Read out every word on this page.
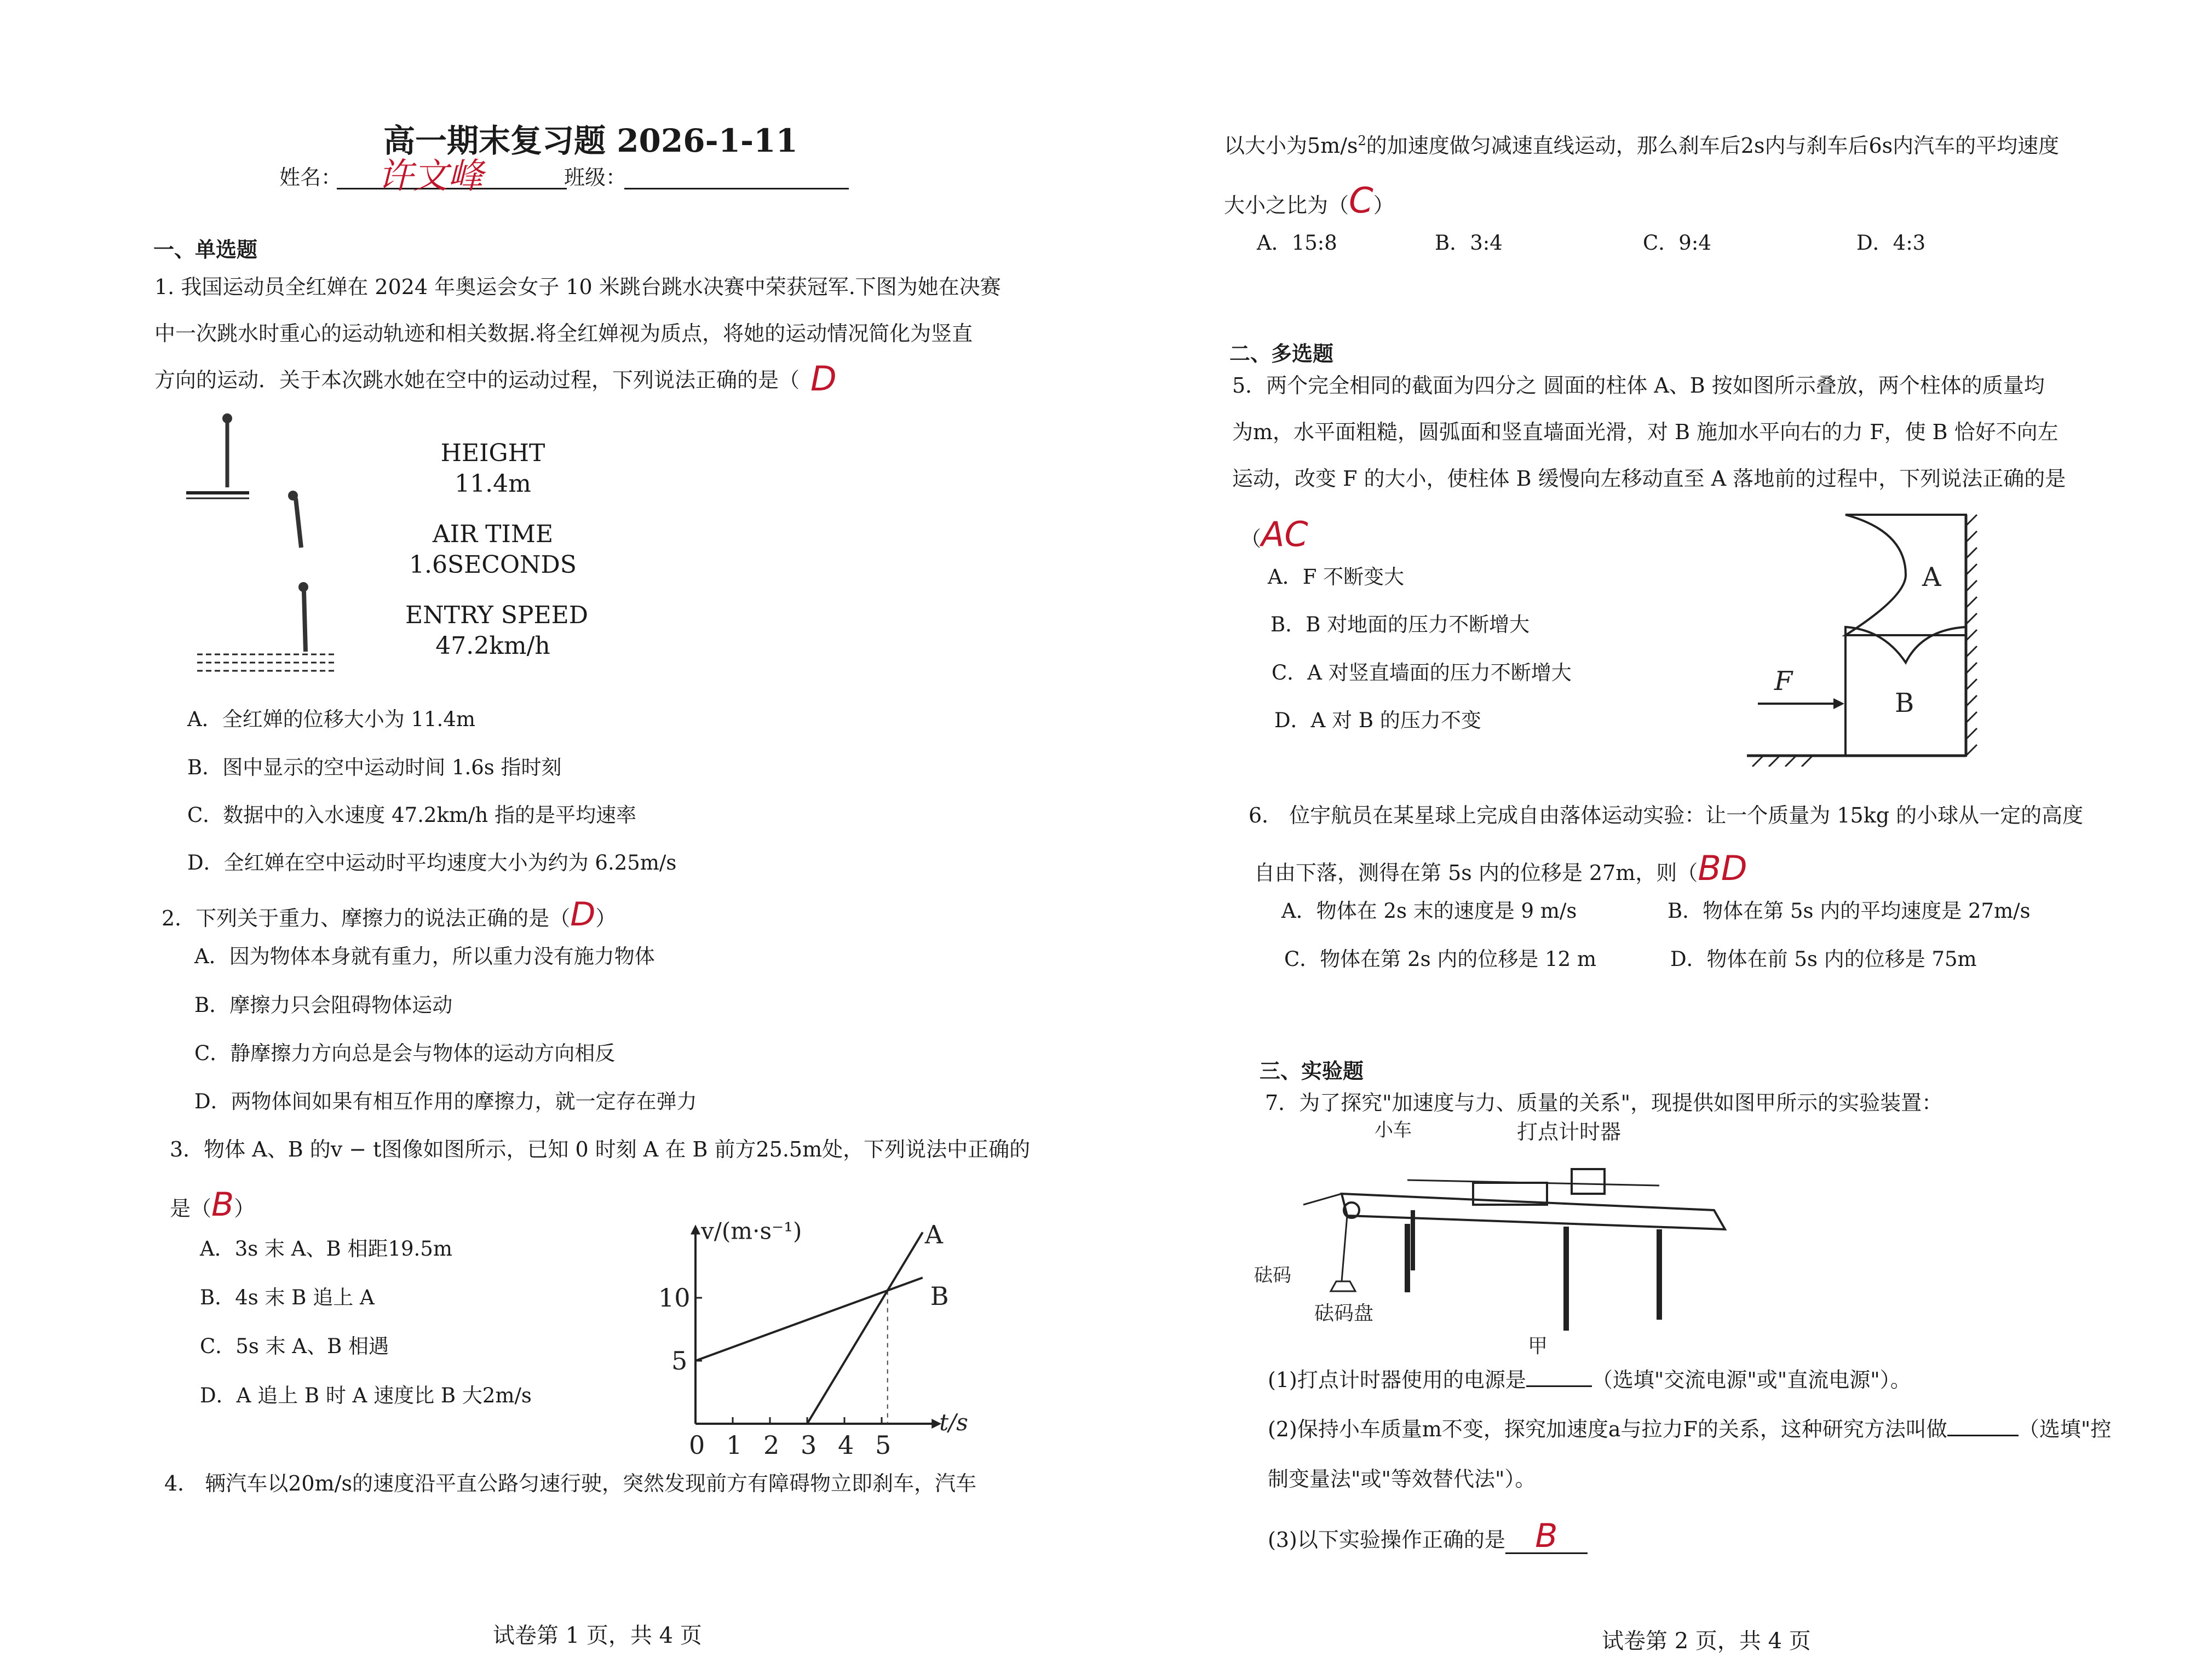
高一期末复习题 2026-1-11
姓名： 许文峰	班级：
一、单选题
1. 我国运动员全红婵在 2024 年奥运会女子 10 米跳台跳水决赛中荣获冠军.下图为她在决赛
中一次跳水时重心的运动轨迹和相关数据.将全红婵视为质点，将她的运动情况简化为竖直
方向的运动．关于本次跳水她在空中的运动过程，下列说法正确的是（ D
HEIGHT
11.4m
AIR TIME
1.6SECONDS
ENTRY SPEED
47.2km/h
A．全红婵的位移大小为 11.4m
B．图中显示的空中运动时间 1.6s 指时刻
C．数据中的入水速度 47.2km/h 指的是平均速率
D．全红婵在空中运动时平均速度大小为约为 6.25m/s
2．下列关于重力、摩擦力的说法正确的是（D）
A．因为物体本身就有重力，所以重力没有施力物体
B．摩擦力只会阻碍物体运动
C．静摩擦力方向总是会与物体的运动方向相反
D．两物体间如果有相互作用的摩擦力，就一定存在弹力
3．物体 A、B 的v − t图像如图所示，已知 0 时刻 A 在 B 前方25.5m处，下列说法中正确的
是（B）
A．3s 末 A、B 相距19.5m
B．4s 末 B 追上 A
C．5s 末 A、B 相遇
D．A 追上 B 时 A 速度比 B 大2m/s
t/s
v/(m·s⁻¹)
0 1 2 3 4 5
5
10
A
B
4． 辆汽车以20m/s的速度沿平直公路匀速行驶，突然发现前方有障碍物立即刹车，汽车
试卷第 1 页，共 4 页
以大小为$5m/s^2$的加速度做匀减速直线运动，那么刹车后2s内与刹车后6s内汽车的平均速度
大小之比为（C）
A．15:8	B．3:4	C．9:4	D．4:3
二、多选题
5．两个完全相同的截面为四分之 圆面的柱体 A、B 按如图所示叠放，两个柱体的质量均
为m，水平面粗糙，圆弧面和竖直墙面光滑，对 B 施加水平向右的力 F，使 B 恰好不向左
运动，改变 F 的大小，使柱体 B 缓慢向左移动直至 A 落地前的过程中，下列说法正确的是
（AC
A．F 不断变大
B．B 对地面的压力不断增大
C．A 对竖直墙面的压力不断增大
D．A 对 B 的压力不变
A
B
F
6． 位宇航员在某星球上完成自由落体运动实验：让一个质量为 15kg 的小球从一定的高度
自由下落，测得在第 5s 内的位移是 27m，则（BD
A．物体在 2s 末的速度是 9 m/s	B．物体在第 5s 内的平均速度是 27m/s
C．物体在第 2s 内的位移是 12 m	D．物体在前 5s 内的位移是 75m
三、实验题
7．为了探究"加速度与力、质量的关系"，现提供如图甲所示的实验装置：
小车	打点计时器
砝码
砝码盘
甲
(1)打点计时器使用的电源是	（选填"交流电源"或"直流电源"）。
(2)保持小车质量m不变，探究加速度a与拉力F的关系，这种研究方法叫做	（选填"控
制变量法"或"等效替代法"）。
(3)以下实验操作正确的是 B
试卷第 2 页，共 4 页
